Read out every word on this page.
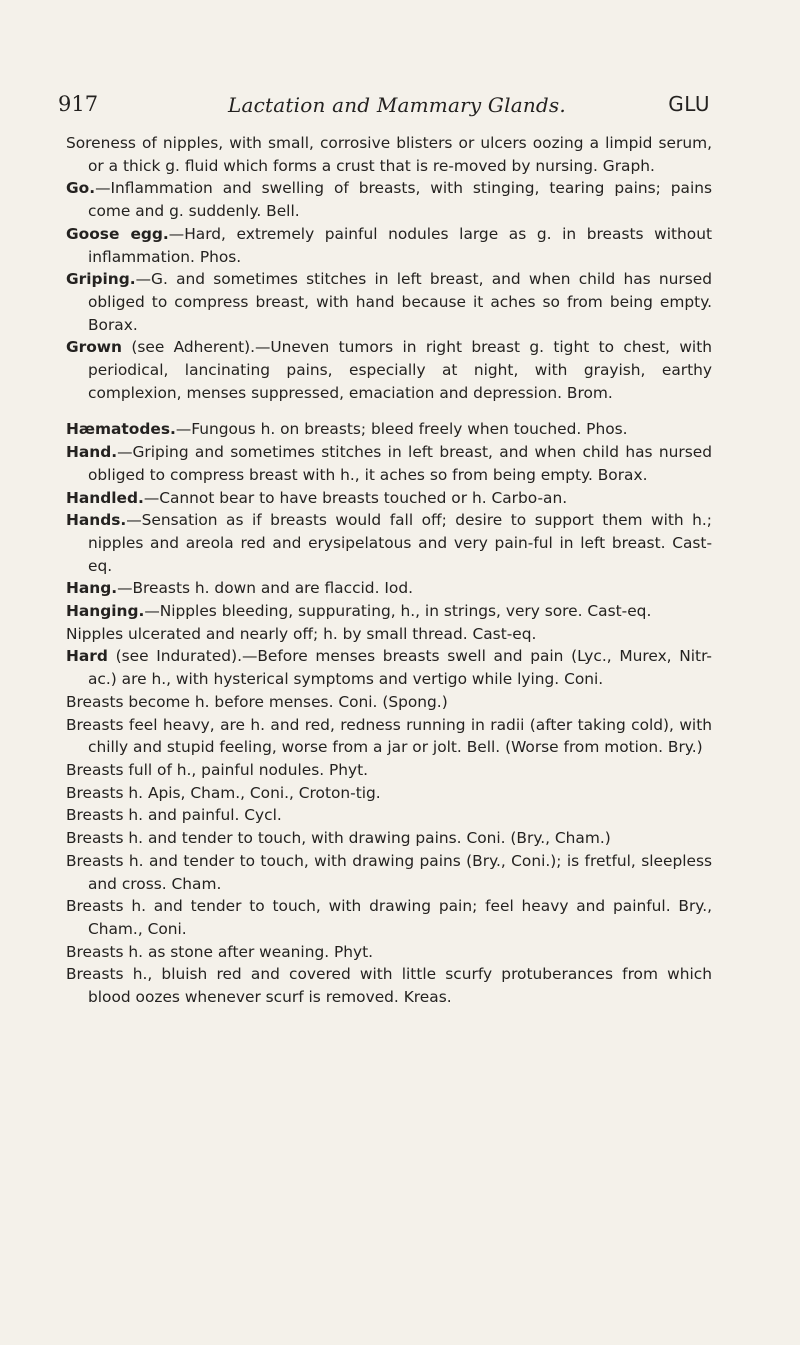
917	Lactation and Mammary Glands.	GLU

Soreness of nipples, with small, corrosive blisters or ulcers oozing a limpid serum, or a thick g. fluid which forms a crust that is re-moved by nursing. Graph.

Go.—Inflammation and swelling of breasts, with stinging, tearing pains; pains come and g. suddenly. Bell.

Goose egg.—Hard, extremely painful nodules large as g. in breasts without inflammation. Phos.

Griping.—G. and sometimes stitches in left breast, and when child has nursed obliged to compress breast, with hand because it aches so from being empty. Borax.

Grown (see Adherent).—Uneven tumors in right breast g. tight to chest, with periodical, lancinating pains, especially at night, with grayish, earthy complexion, menses suppressed, emaciation and depression. Brom.

Hæmatodes.—Fungous h. on breasts; bleed freely when touched. Phos.

Hand.—Griping and sometimes stitches in left breast, and when child has nursed obliged to compress breast with h., it aches so from being empty. Borax.

Handled.—Cannot bear to have breasts touched or h. Carbo-an.

Hands.—Sensation as if breasts would fall off; desire to support them with h.; nipples and areola red and erysipelatous and very pain-ful in left breast. Cast-eq.

Hang.—Breasts h. down and are flaccid. Iod.

Hanging.—Nipples bleeding, suppurating, h., in strings, very sore. Cast-eq.

Nipples ulcerated and nearly off; h. by small thread. Cast-eq.

Hard (see Indurated).—Before menses breasts swell and pain (Lyc., Murex, Nitr-ac.) are h., with hysterical symptoms and vertigo while lying. Coni.

Breasts become h. before menses. Coni. (Spong.)

Breasts feel heavy, are h. and red, redness running in radii (after taking cold), with chilly and stupid feeling, worse from a jar or jolt. Bell. (Worse from motion. Bry.)

Breasts full of h., painful nodules. Phyt.

Breasts h. Apis, Cham., Coni., Croton-tig.

Breasts h. and painful. Cycl.

Breasts h. and tender to touch, with drawing pains. Coni. (Bry., Cham.)

Breasts h. and tender to touch, with drawing pains (Bry., Coni.); is fretful, sleepless and cross. Cham.

Breasts h. and tender to touch, with drawing pain; feel heavy and painful. Bry., Cham., Coni.

Breasts h. as stone after weaning. Phyt.

Breasts h., bluish red and covered with little scurfy protuberances from which blood oozes whenever scurf is removed. Kreas.
